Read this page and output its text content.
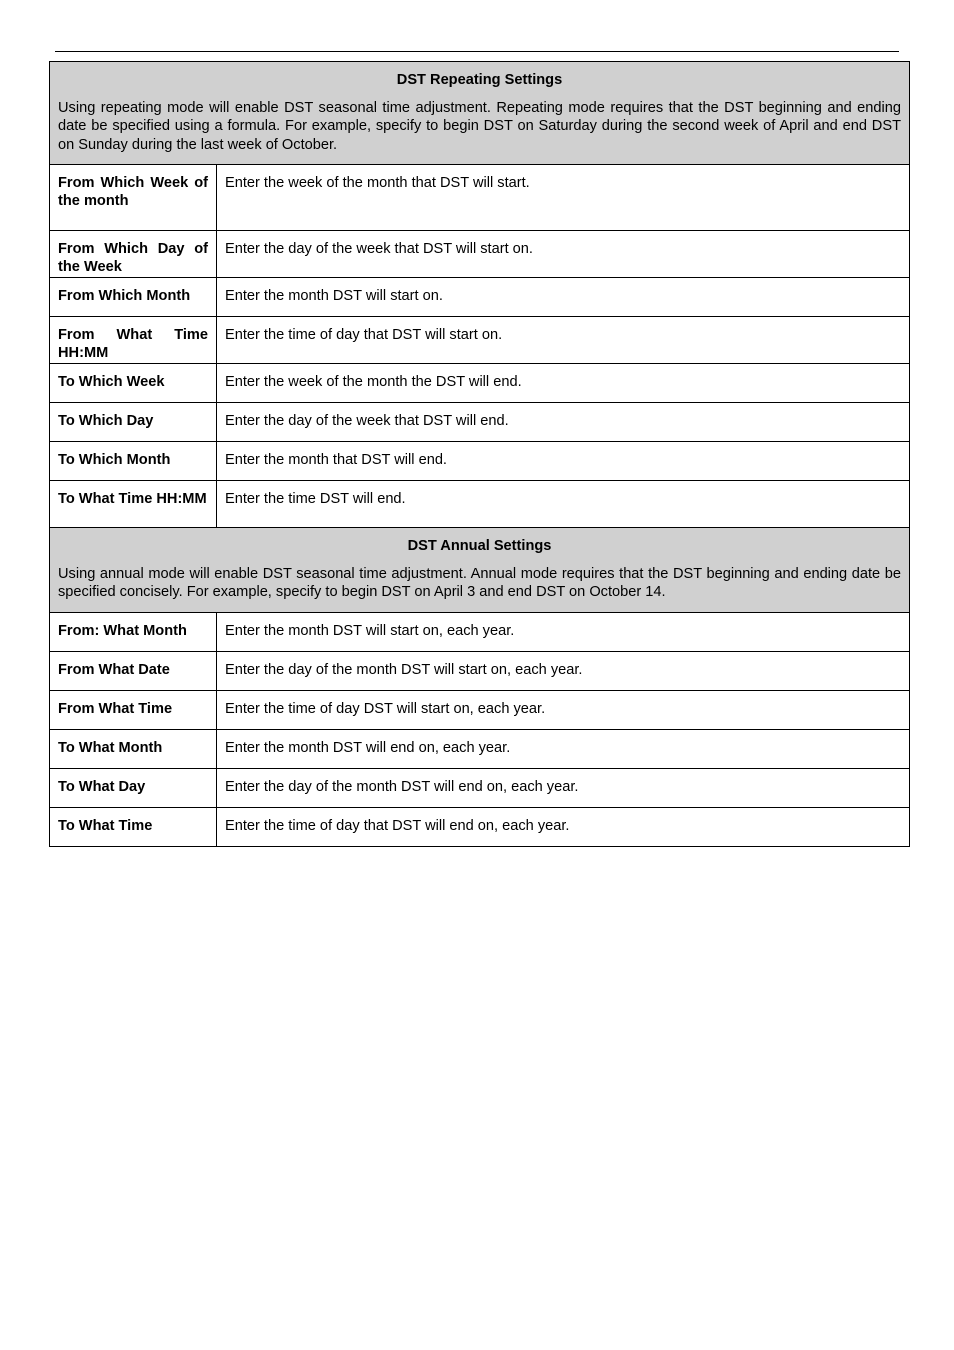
DST Repeating Settings
Using repeating mode will enable DST seasonal time adjustment. Repeating mode requires that the DST beginning and ending date be specified using a formula. For example, specify to begin DST on Saturday during the second week of April and end DST on Sunday during the last week of October.	

From Which Week of the month	Enter the week of the month that DST will start.
From Which Day of the Week	Enter the day of the week that DST will start on.
From Which Month	Enter the month DST will start on.
From What Time HH:MM	Enter the time of day that DST will start on.
To Which Week	Enter the week of the month the DST will end.
To Which Day	Enter the day of the week that DST will end.
To Which Month	Enter the month that DST will end.
To What Time HH:MM	Enter the time DST will end.

DST Annual Settings
Using annual mode will enable DST seasonal time adjustment. Annual mode requires that the DST beginning and ending date be specified concisely. For example, specify to begin DST on April 3 and end DST on October 14.	

From: What Month	Enter the month DST will start on, each year.
From What Date	Enter the day of the month DST will start on, each year.
From What Time	Enter the time of day DST will start on, each year.
To What Month	Enter the month DST will end on, each year.
To What Day	Enter the day of the month DST will end on, each year.
To What Time	Enter the time of day that DST will end on, each year.
